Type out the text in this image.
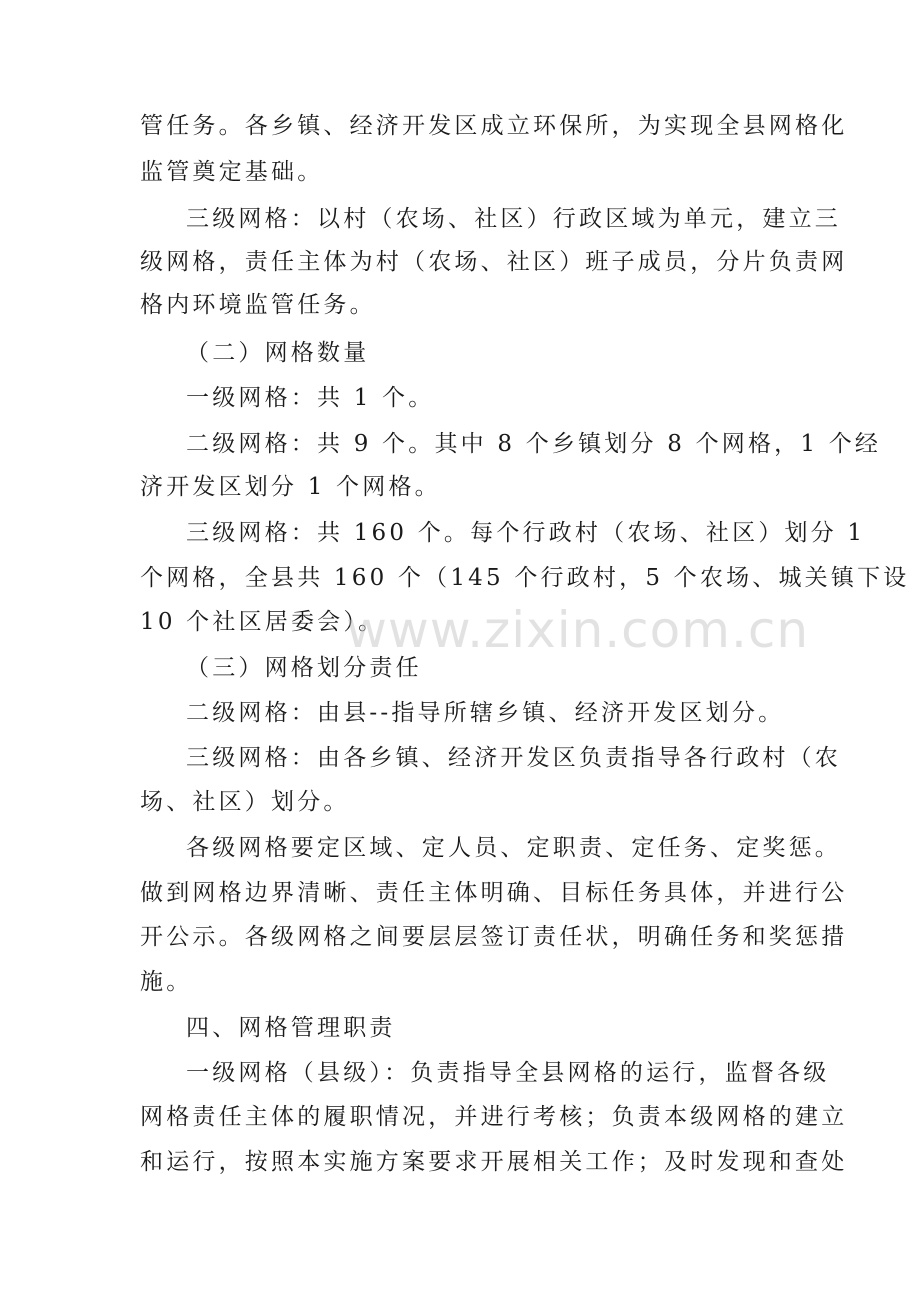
管任务。各乡镇、经济开发区成立环保所，为实现全县网格化
监管奠定基础。
三级网格：以村（农场、社区）行政区域为单元，建立三
级网格，责任主体为村（农场、社区）班子成员，分片负责网
格内环境监管任务。
（二）网格数量
一级网格：共 1 个。
二级网格：共 9 个。其中 8 个乡镇划分 8 个网格，1 个经
济开发区划分 1 个网格。
三级网格：共 160 个。每个行政村（农场、社区）划分 1
个网格，全县共 160 个（145 个行政村，5 个农场、城关镇下设
10 个社区居委会）。
（三）网格划分责任
二级网格：由县--指导所辖乡镇、经济开发区划分。
三级网格：由各乡镇、经济开发区负责指导各行政村（农
场、社区）划分。
各级网格要定区域、定人员、定职责、定任务、定奖惩。
做到网格边界清晰、责任主体明确、目标任务具体，并进行公
开公示。各级网格之间要层层签订责任状，明确任务和奖惩措
施。
四、网格管理职责
一级网格（县级）：负责指导全县网格的运行，监督各级
网格责任主体的履职情况，并进行考核；负责本级网格的建立
和运行，按照本实施方案要求开展相关工作；及时发现和查处
www.zixin.com.cn
